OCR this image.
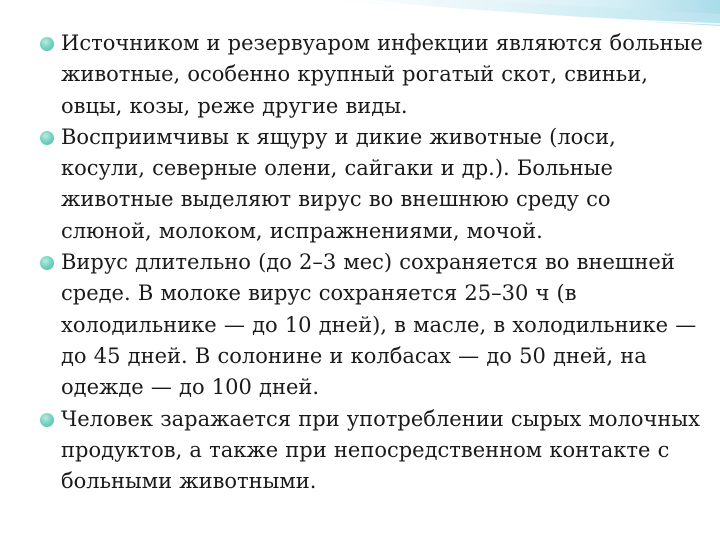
Источником и резервуаром инфекции являются больные животные, особенно крупный рогатый скот, свиньи, овцы, козы, реже другие виды.
Восприимчивы к ящуру и дикие животные (лоси, косули, северные олени, сайгаки и др.). Больные животные выделяют вирус во внешнюю среду со слюной, молоком, испражнениями, мочой.
Вирус длительно (до 2–3 мес) сохраняется во внешней среде. В молоке вирус сохраняется 25–30 ч (в холодильнике — до 10 дней), в масле, в холодильнике — до 45 дней. В солонине и колбасах — до 50 дней, на одежде — до 100 дней.
Человек заражается при употреблении сырых молочных продуктов, а также при непосредственном контакте с больными животными.
